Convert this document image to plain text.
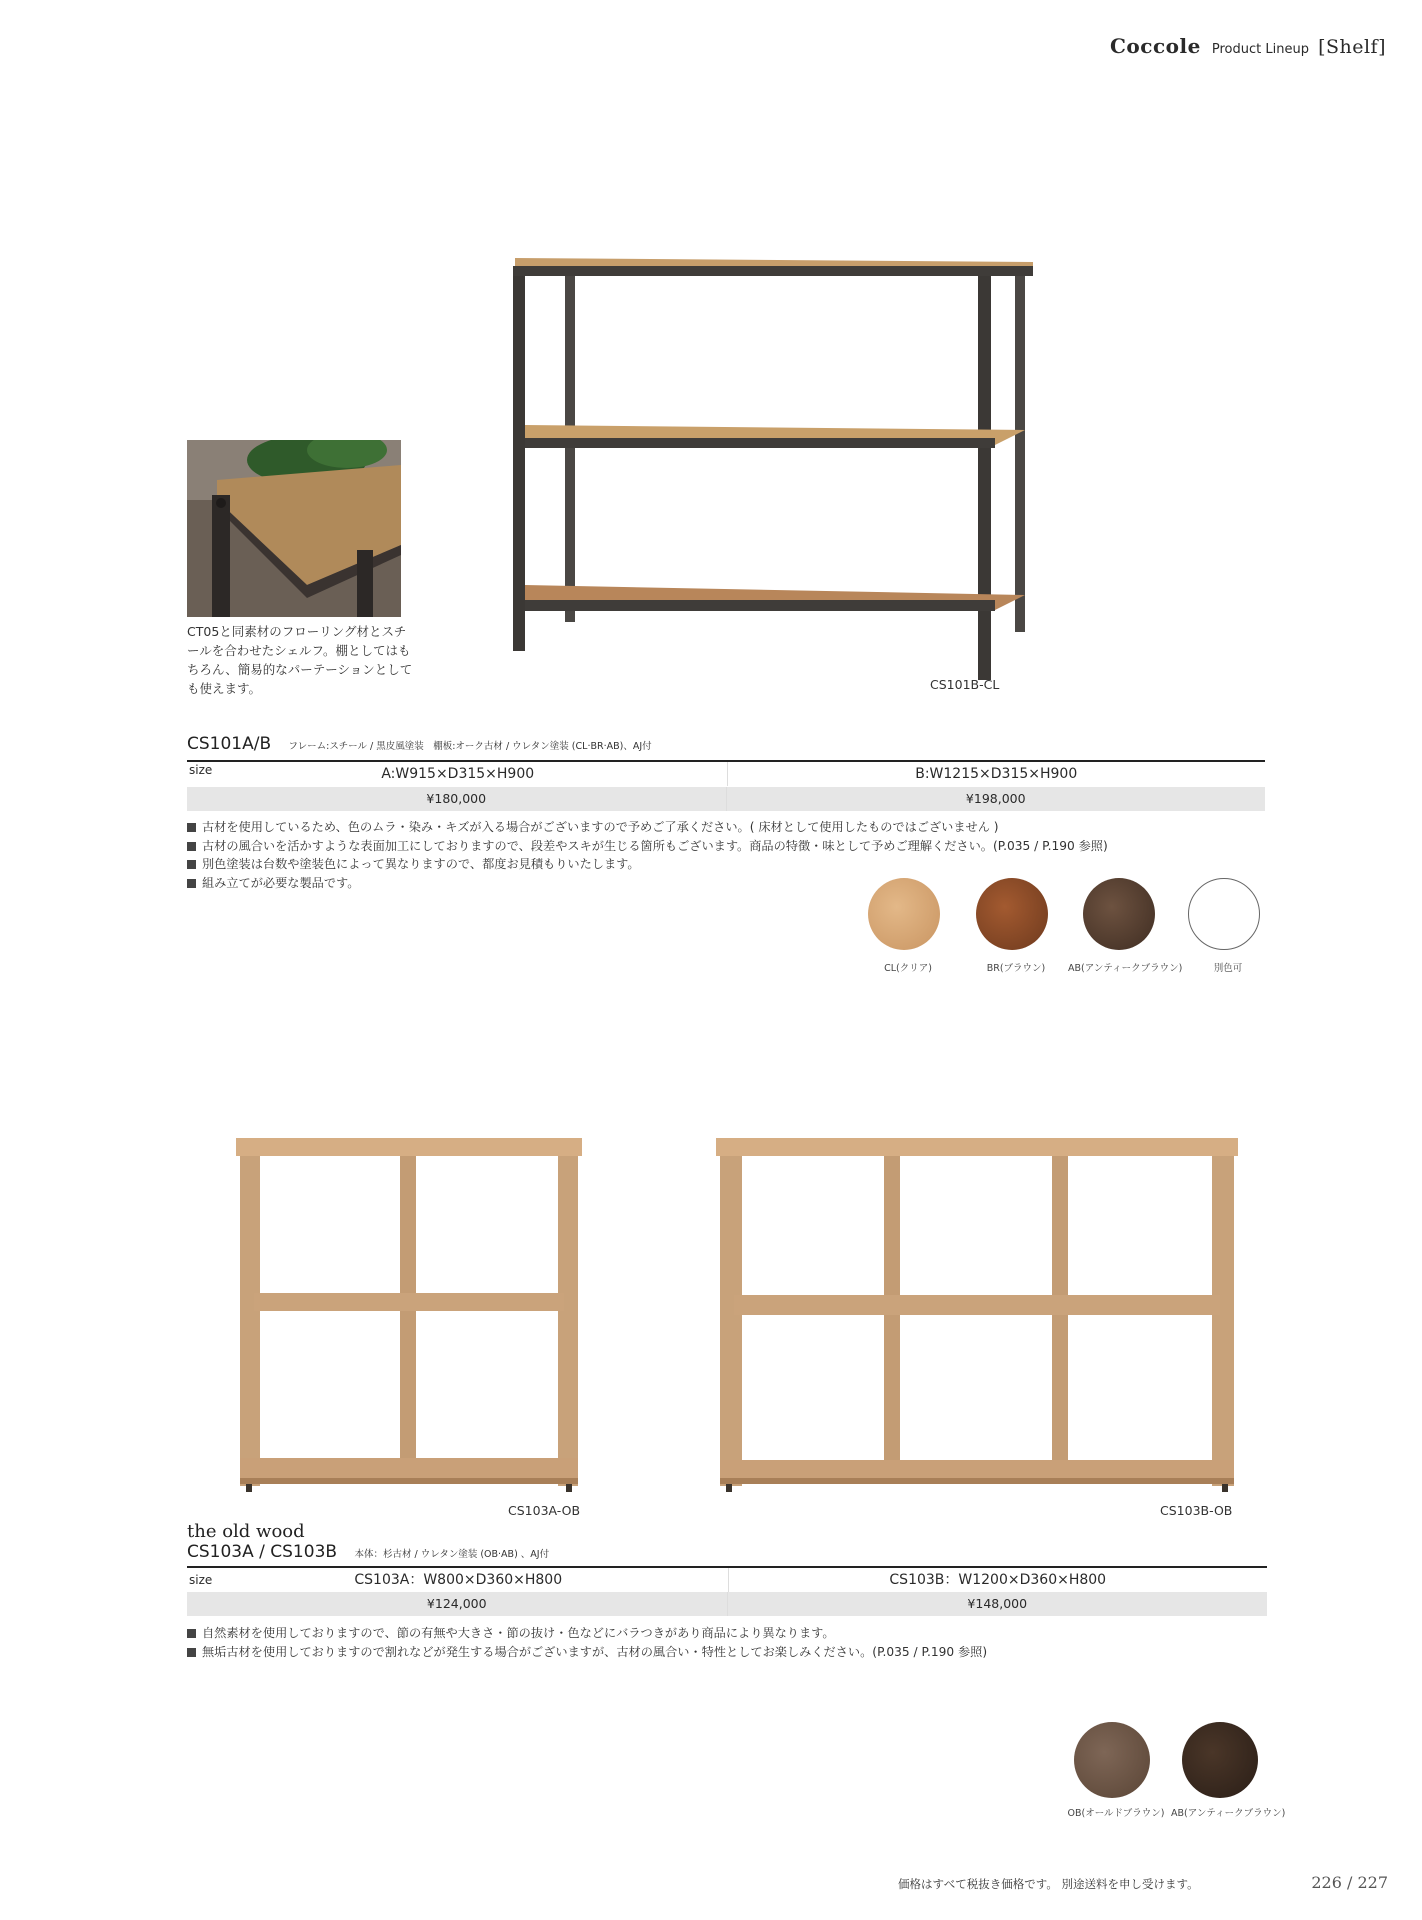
Coccole Product Lineup [Shelf]
CT05と同素材のフローリング材とスチールを合わせたシェルフ。棚としてはもちろん、簡易的なパーテーションとしても使えます。	CS101B-CL
CS101A/B フレーム:スチール / 黒皮風塗装　棚板:オーク古材 / ウレタン塗装 (CL·BR·AB)、AJ付
size	A:W915×D315×H900	B:W1215×D315×H900
¥180,000	¥198,000
古材を使用しているため、色のムラ・染み・キズが入る場合がございますので予めご了承ください。( 床材として使用したものではございません )
古材の風合いを活かすような表面加工にしておりますので、段差やスキが生じる箇所もございます。商品の特徴・味として予めご理解ください。(P.035 / P.190 参照)
別色塗装は台数や塗装色によって異なりますので、都度お見積もりいたします。
組み立てが必要な製品です。
CL(クリア)	BR(ブラウン)	AB(アンティークブラウン)	別色可
CS103A-OB	CS103B-OB
the old wood
CS103A / CS103B 本体：杉古材 / ウレタン塗装 (OB·AB) 、AJ付
size	CS103A：W800×D360×H800	CS103B：W1200×D360×H800
¥124,000	¥148,000
自然素材を使用しておりますので、節の有無や大きさ・節の抜け・色などにバラつきがあり商品により異なります。
無垢古材を使用しておりますので割れなどが発生する場合がございますが、古材の風合い・特性としてお楽しみください。(P.035 / P.190 参照)
OB(オールドブラウン) AB(アンティークブラウン)
価格はすべて税抜き価格です。 別途送料を申し受けます。	226 / 227
